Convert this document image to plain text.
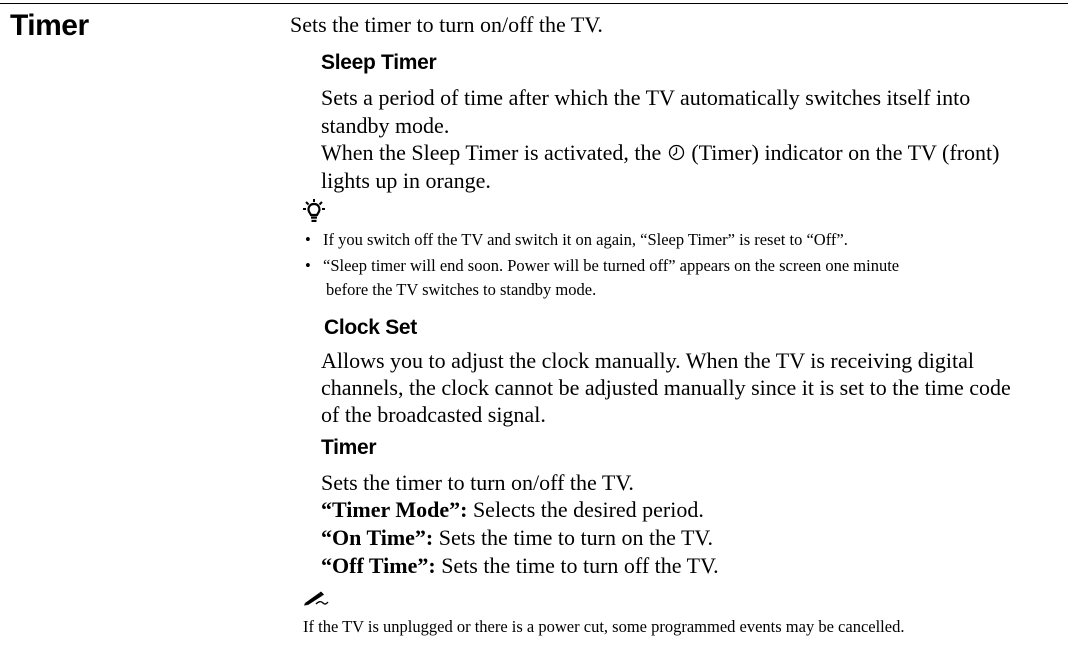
Timer	Sets the timer to turn on/off the TV.
Sleep Timer
Sets a period of time after which the TV automatically switches itself into
standby mode.
When the Sleep Timer is activated, the (Timer) indicator on the TV (front)
lights up in orange.
• If you switch off the TV and switch it on again, “Sleep Timer” is reset to “Off”.
• “Sleep timer will end soon. Power will be turned off” appears on the screen one minute
before the TV switches to standby mode.
Clock Set
Allows you to adjust the clock manually. When the TV is receiving digital
channels, the clock cannot be adjusted manually since it is set to the time code
of the broadcasted signal.
Timer
Sets the timer to turn on/off the TV.
“Timer Mode”: Selects the desired period.
“On Time”: Sets the time to turn on the TV.
“Off Time”: Sets the time to turn off the TV.
If the TV is unplugged or there is a power cut, some programmed events may be cancelled.
